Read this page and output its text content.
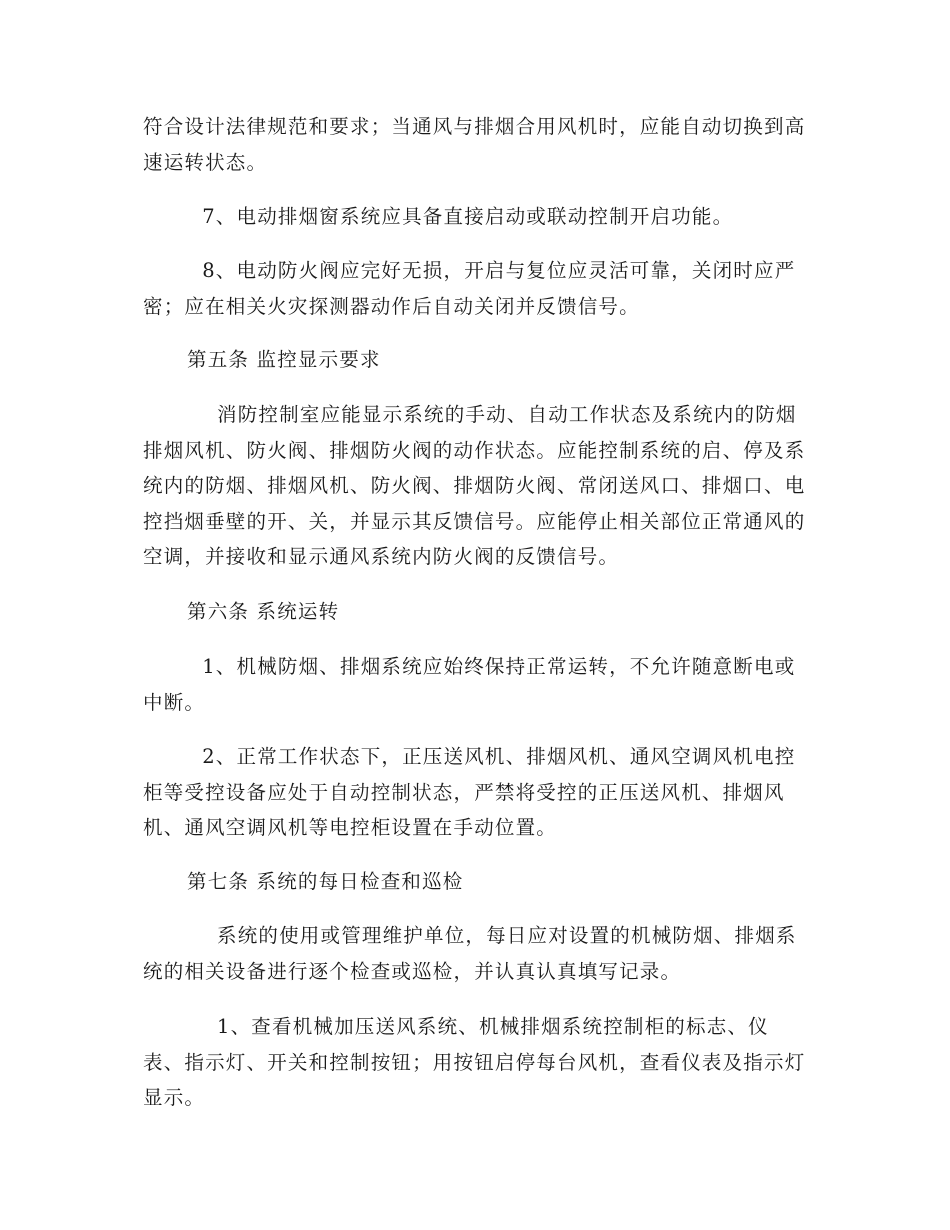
符合设计法律规范和要求；当通风与排烟合用风机时，应能自动切换到高速运转状态。

7、电动排烟窗系统应具备直接启动或联动控制开启功能。

8、电动防火阀应完好无损，开启与复位应灵活可靠，关闭时应严密；应在相关火灾探测器动作后自动关闭并反馈信号。

第五条 监控显示要求

消防控制室应能显示系统的手动、自动工作状态及系统内的防烟排烟风机、防火阀、排烟防火阀的动作状态。应能控制系统的启、停及系统内的防烟、排烟风机、防火阀、排烟防火阀、常闭送风口、排烟口、电控挡烟垂壁的开、关，并显示其反馈信号。应能停止相关部位正常通风的空调，并接收和显示通风系统内防火阀的反馈信号。

第六条 系统运转

1、机械防烟、排烟系统应始终保持正常运转，不允许随意断电或中断。

2、正常工作状态下，正压送风机、排烟风机、通风空调风机电控柜等受控设备应处于自动控制状态，严禁将受控的正压送风机、排烟风机、通风空调风机等电控柜设置在手动位置。

第七条 系统的每日检查和巡检

系统的使用或管理维护单位，每日应对设置的机械防烟、排烟系统的相关设备进行逐个检查或巡检，并认真认真填写记录。

1、查看机械加压送风系统、机械排烟系统控制柜的标志、仪表、指示灯、开关和控制按钮；用按钮启停每台风机，查看仪表及指示灯显示。
